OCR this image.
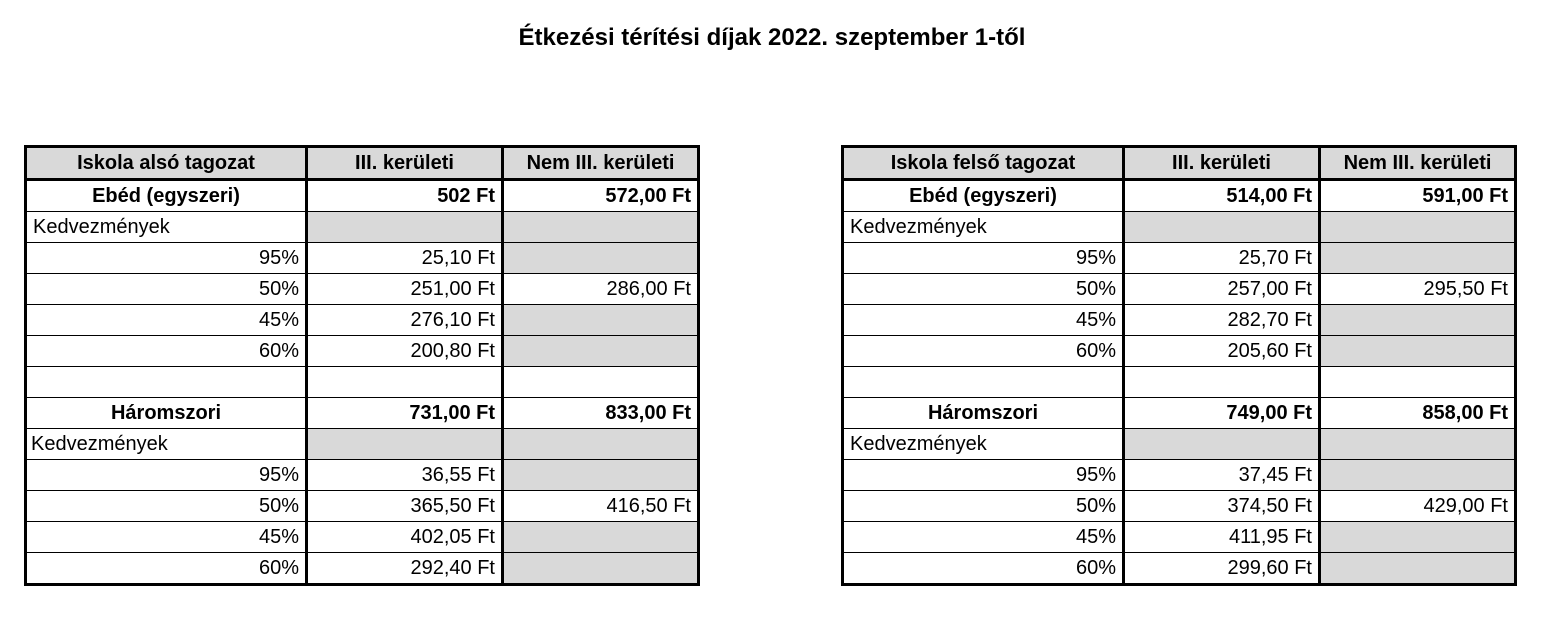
Étkezési térítési díjak 2022. szeptember 1-től
Iskola alsó tagozat	III. kerületi	Nem III. kerületi
Ebéd (egyszeri)	502 Ft	572,00 Ft
Kedvezmények		
95%	25,10 Ft	
50%	251,00 Ft	286,00 Ft
45%	276,10 Ft	
60%	200,80 Ft	

Háromszori	731,00 Ft	833,00 Ft
Kedvezmények		
95%	36,55 Ft	
50%	365,50 Ft	416,50 Ft
45%	402,05 Ft	
60%	292,40 Ft	
Iskola felső tagozat	III. kerületi	Nem III. kerületi
Ebéd (egyszeri)	514,00 Ft	591,00 Ft
Kedvezmények		
95%	25,70 Ft	
50%	257,00 Ft	295,50 Ft
45%	282,70 Ft	
60%	205,60 Ft	

Háromszori	749,00 Ft	858,00 Ft
Kedvezmények		
95%	37,45 Ft	
50%	374,50 Ft	429,00 Ft
45%	411,95 Ft	
60%	299,60 Ft	
